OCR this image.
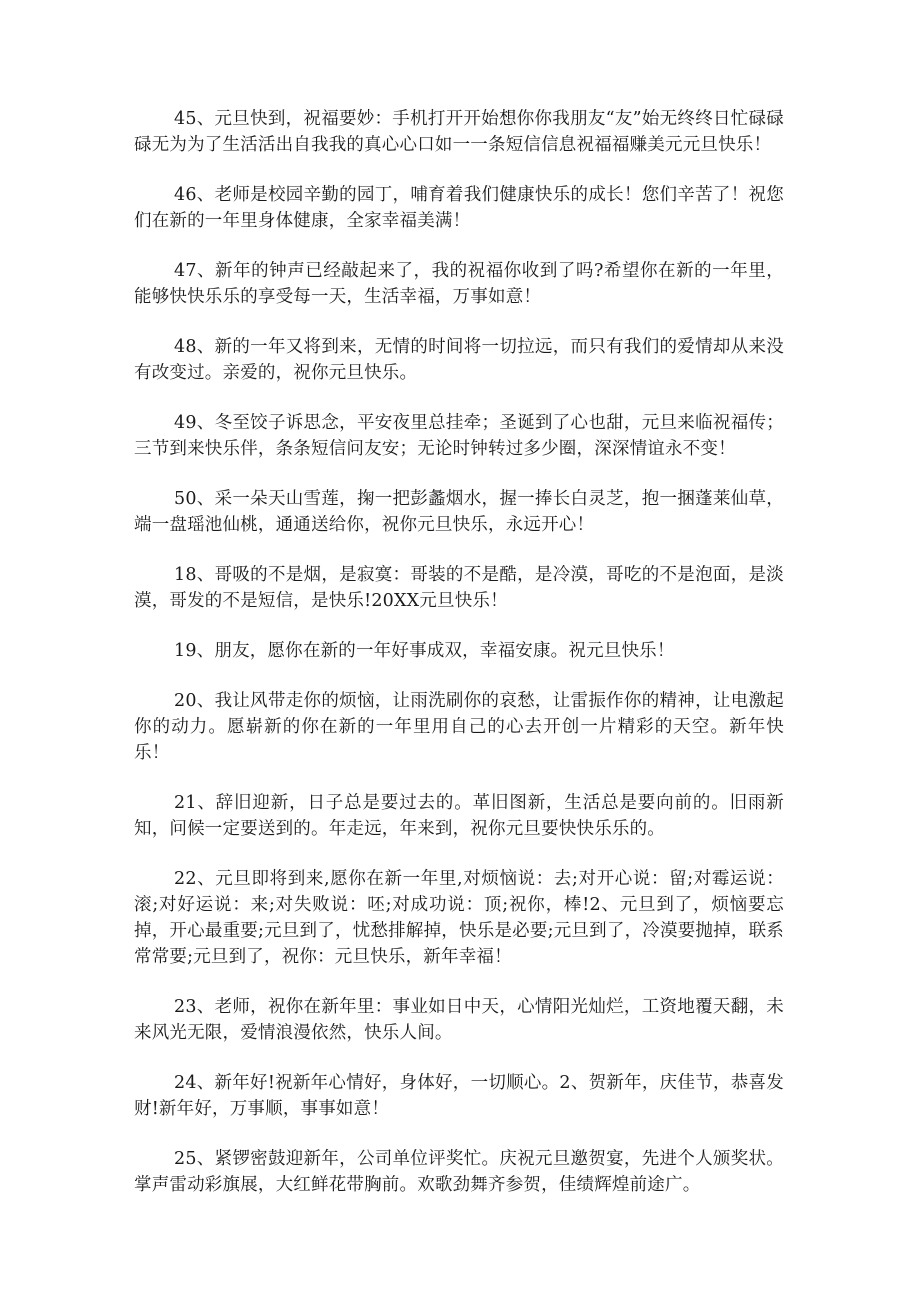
45、元旦快到，祝福要妙：手机打开开始想你你我朋友“友”始无终终日忙碌碌碌无为为了生活活出自我我的真心心口如一一条短信信息祝福福赚美元元旦快乐！

46、老师是校园辛勤的园丁，哺育着我们健康快乐的成长！您们辛苦了！祝您们在新的一年里身体健康，全家幸福美满！

47、新年的钟声已经敲起来了，我的祝福你收到了吗?希望你在新的一年里，能够快快乐乐的享受每一天，生活幸福，万事如意！

48、新的一年又将到来，无情的时间将一切拉远，而只有我们的爱情却从来没有改变过。亲爱的，祝你元旦快乐。

49、冬至饺子诉思念，平安夜里总挂牵；圣诞到了心也甜，元旦来临祝福传；三节到来快乐伴，条条短信问友安；无论时钟转过多少圈，深深情谊永不变！

50、采一朵天山雪莲，掬一把彭蠡烟水，握一捧长白灵芝，抱一捆蓬莱仙草，端一盘瑶池仙桃，通通送给你，祝你元旦快乐，永远开心！

18、哥吸的不是烟，是寂寞：哥装的不是酷，是冷漠，哥吃的不是泡面，是淡漠，哥发的不是短信，是快乐!20XX元旦快乐！

19、朋友，愿你在新的一年好事成双，幸福安康。祝元旦快乐！

20、我让风带走你的烦恼，让雨洗刷你的哀愁，让雷振作你的精神，让电激起你的动力。愿崭新的你在新的一年里用自己的心去开创一片精彩的天空。新年快乐！

21、辞旧迎新，日子总是要过去的。革旧图新，生活总是要向前的。旧雨新知，问候一定要送到的。年走远，年来到，祝你元旦要快快乐乐的。

22、元旦即将到来,愿你在新一年里,对烦恼说：去;对开心说：留;对霉运说：滚;对好运说：来;对失败说：呸;对成功说：顶;祝你，棒!2、元旦到了，烦恼要忘掉，开心最重要;元旦到了，忧愁排解掉，快乐是必要;元旦到了，冷漠要抛掉，联系常常要;元旦到了，祝你：元旦快乐，新年幸福！

23、老师，祝你在新年里：事业如日中天，心情阳光灿烂，工资地覆天翻，未来风光无限，爱情浪漫依然，快乐人间。

24、新年好!祝新年心情好，身体好，一切顺心。2、贺新年，庆佳节，恭喜发财!新年好，万事顺，事事如意！

25、紧锣密鼓迎新年，公司单位评奖忙。庆祝元旦邀贺宴，先进个人颁奖状。掌声雷动彩旗展，大红鲜花带胸前。欢歌劲舞齐参贺，佳绩辉煌前途广。
